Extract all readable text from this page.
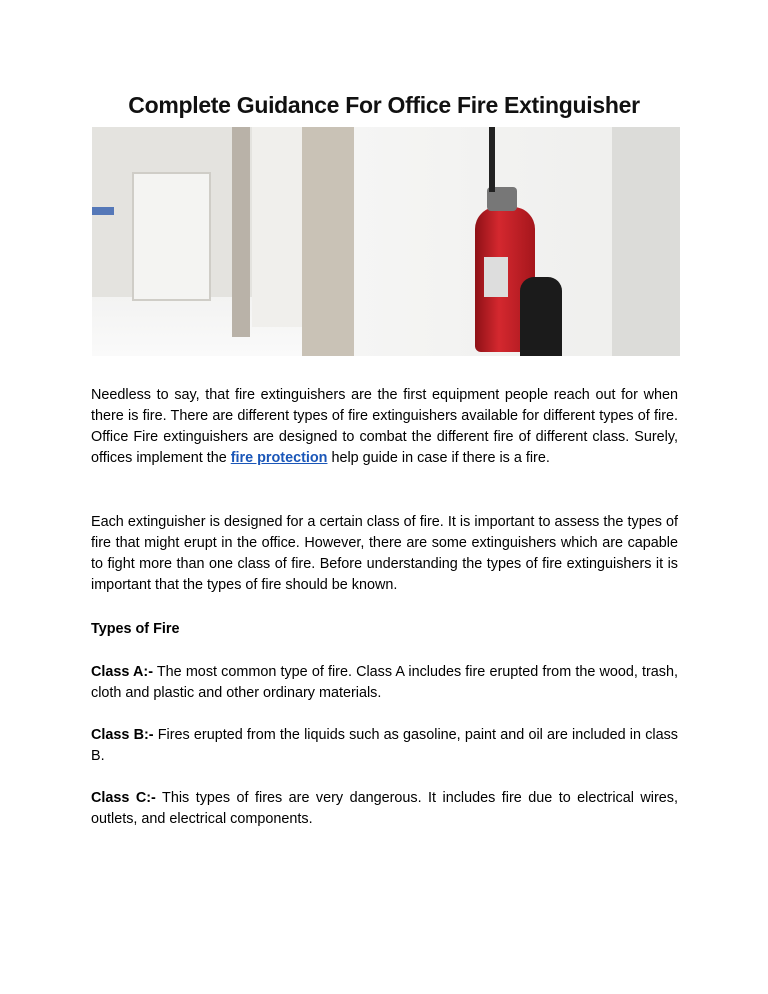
Complete Guidance For Office Fire Extinguisher
Needless to say, that fire extinguishers are the first equipment people reach out for when there is fire. There are different types of fire extinguishers available for different types of fire. Office Fire extinguishers are designed to combat the different fire of different class. Surely, offices implement the fire protection help guide in case if there is a fire.
Each extinguisher is designed for a certain class of fire. It is important to assess the types of fire that might erupt in the office. However, there are some extinguishers which are capable to fight more than one class of fire. Before understanding the types of fire extinguishers it is important that the types of fire should be known.
Types of Fire
Class A:- The most common type of fire. Class A includes fire erupted from the wood, trash, cloth and plastic and other ordinary materials.
Class B:- Fires erupted from the liquids such as gasoline, paint and oil are included in class B.
Class C:- This types of fires are very dangerous. It includes fire due to electrical wires, outlets, and electrical components.
